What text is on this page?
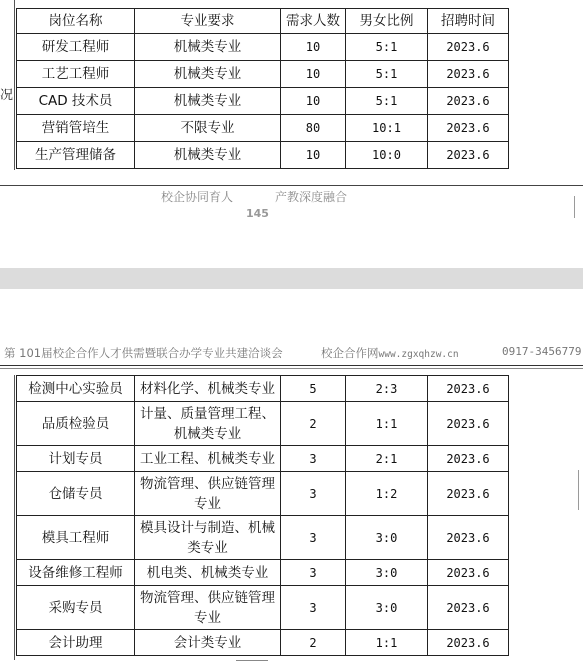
况
岗位名称	专业要求	需求人数	男女比例	招聘时间
研发工程师	机械类专业	10	5:1	2023.6
工艺工程师	机械类专业	10	5:1	2023.6
CAD 技术员	机械类专业	10	5:1	2023.6
营销管培生	不限专业	80	10:1	2023.6
生产管理储备	机械类专业	10	10:0	2023.6
校企协同育人	产教深度融合
145
第 101届校企合作人才供需暨联合办学专业共建洽谈会	校企合作网www.zgxqhzw.cn	0917-3456779
检测中心实验员	材料化学、机械类专业	5	2:3	2023.6
品质检验员	计量、质量管理工程、机械类专业	2	1:1	2023.6
计划专员	工业工程、机械类专业	3	2:1	2023.6
仓储专员	物流管理、供应链管理专业	3	1:2	2023.6
模具工程师	模具设计与制造、机械类专业	3	3:0	2023.6
设备维修工程师	机电类、机械类专业	3	3:0	2023.6
采购专员	物流管理、供应链管理专业	3	3:0	2023.6
会计助理	会计类专业	2	1:1	2023.6
